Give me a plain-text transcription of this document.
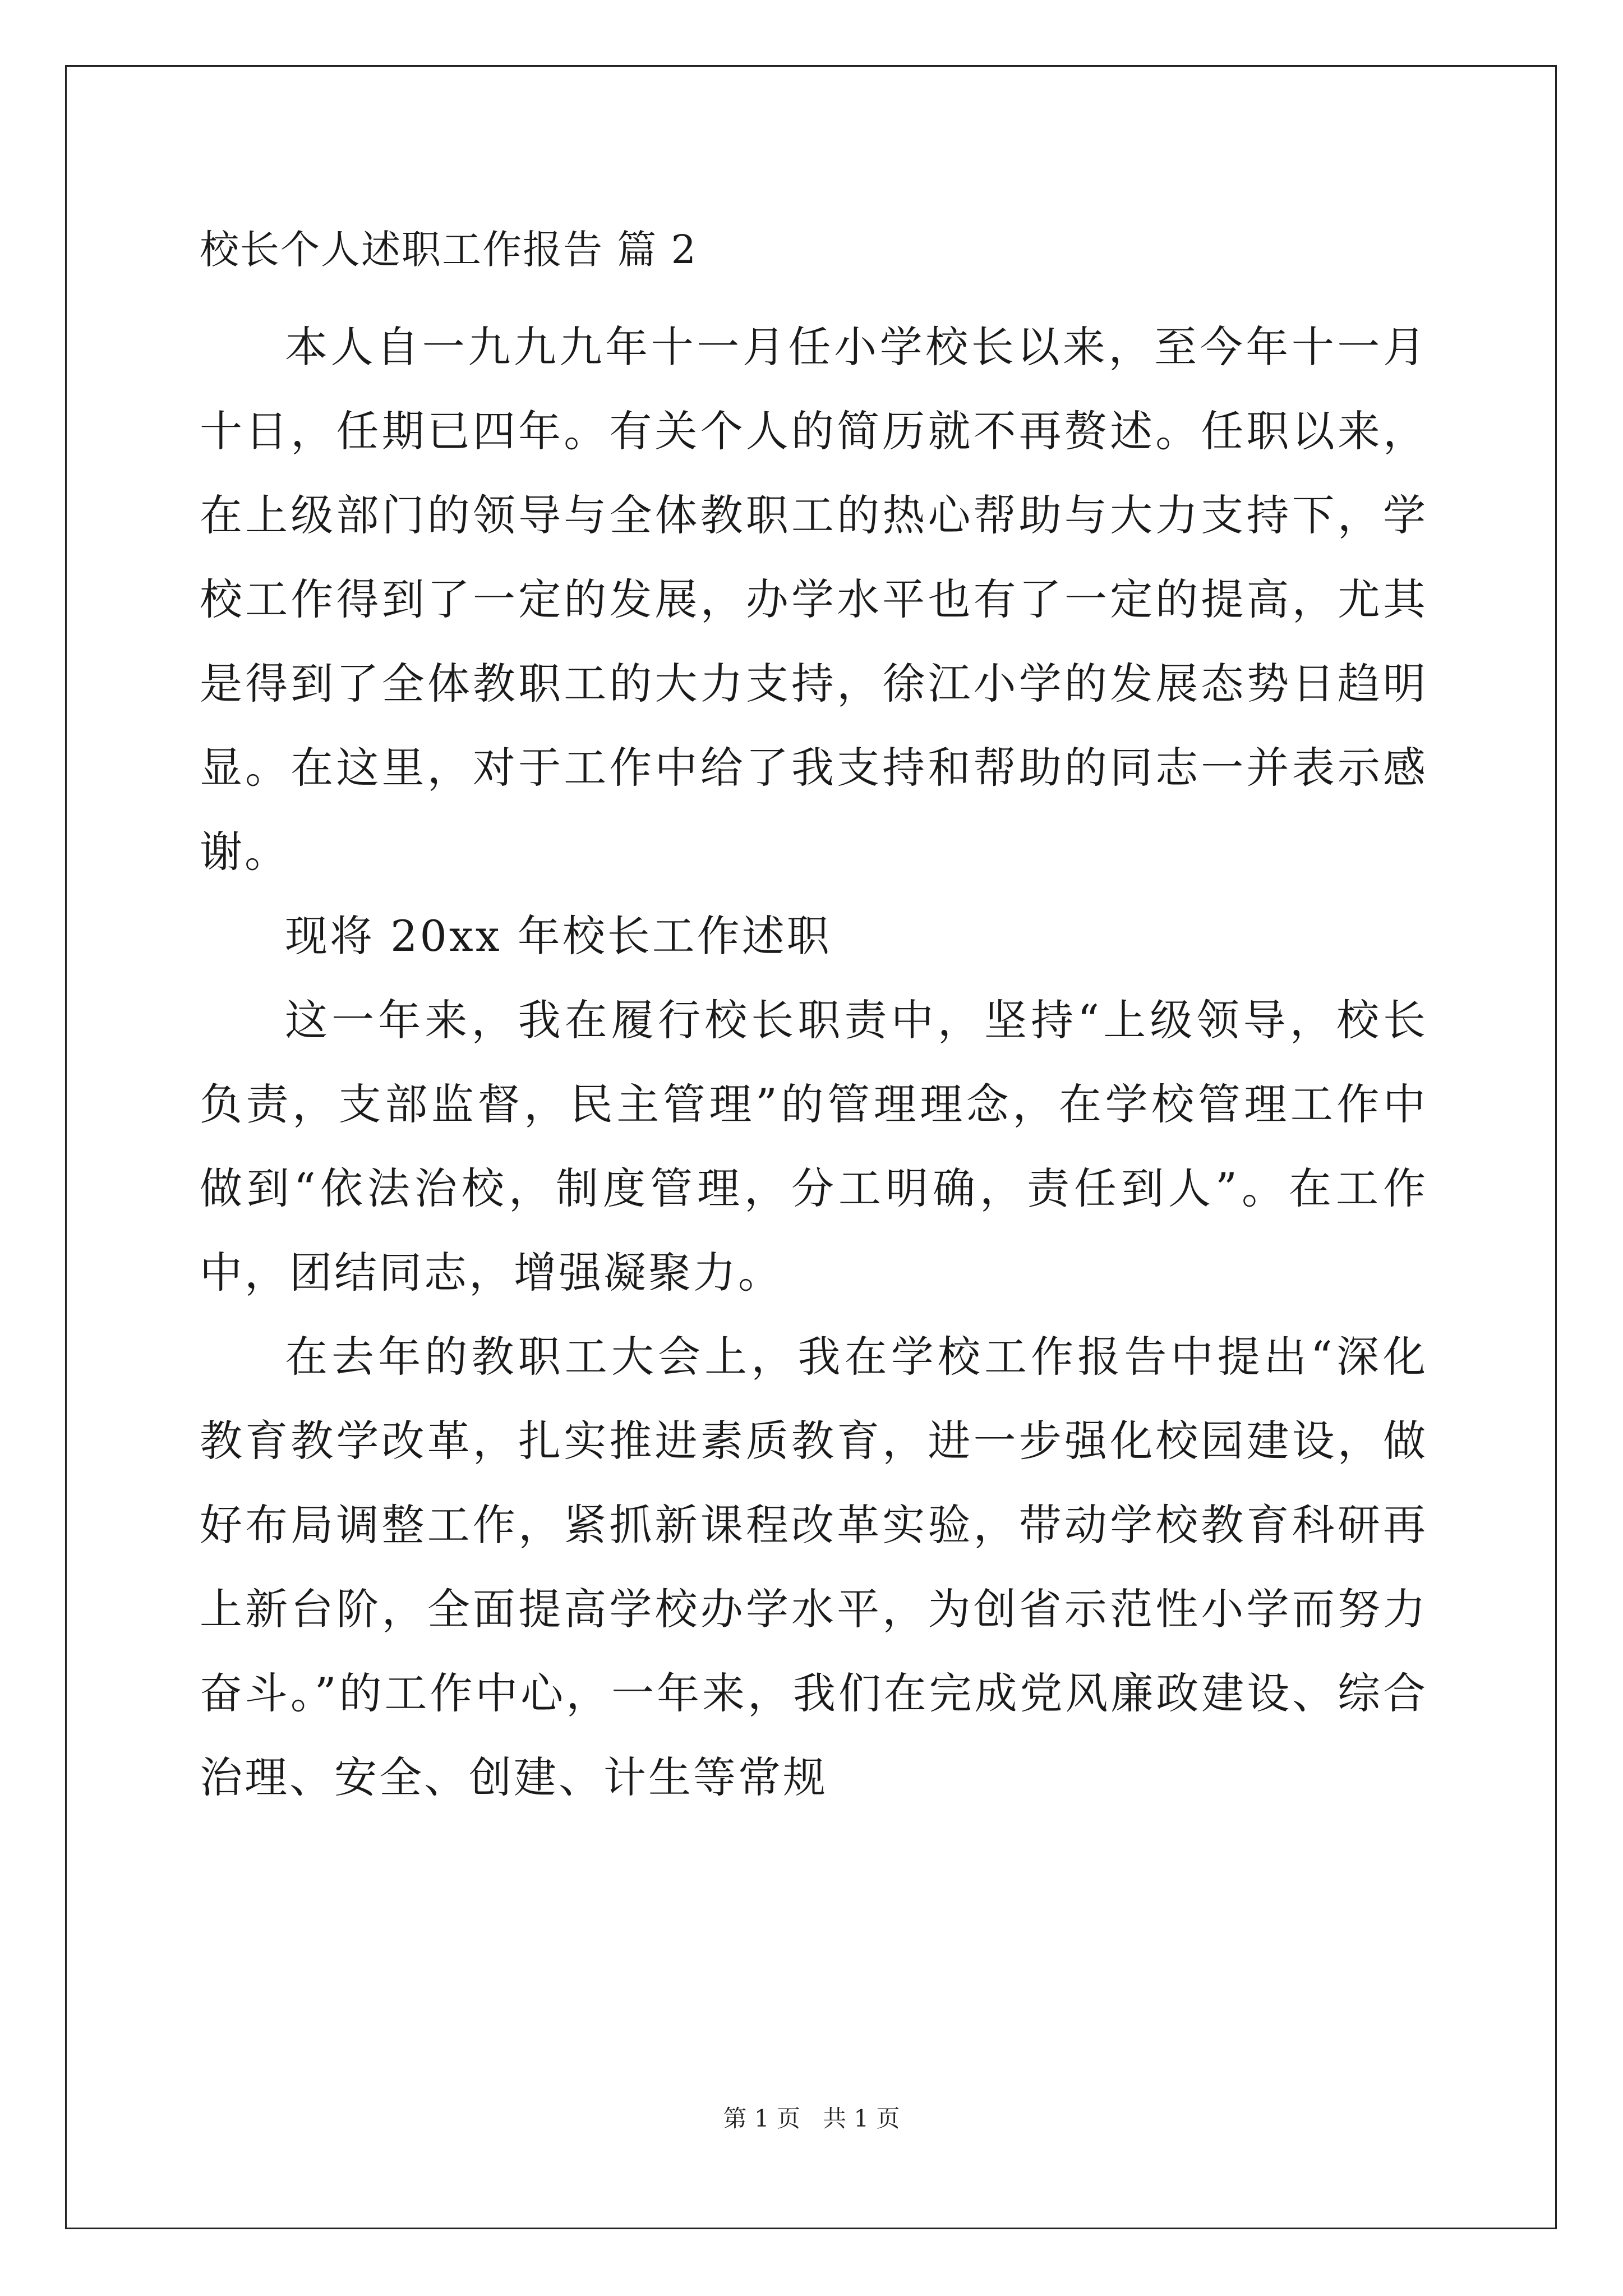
校长个人述职工作报告 篇 2

本人自一九九九年十一月任小学校长以来，至今年十一月十日，任期已四年。有关个人的简历就不再赘述。任职以来，在上级部门的领导与全体教职工的热心帮助与大力支持下，学校工作得到了一定的发展，办学水平也有了一定的提高，尤其是得到了全体教职工的大力支持，徐江小学的发展态势日趋明显。在这里，对于工作中给了我支持和帮助的同志一并表示感谢。

现将 20xx 年校长工作述职

这一年来，我在履行校长职责中，坚持“上级领导，校长负责，支部监督，民主管理”的管理理念，在学校管理工作中做到“依法治校，制度管理，分工明确，责任到人”。在工作中，团结同志，增强凝聚力。

在去年的教职工大会上，我在学校工作报告中提出“深化教育教学改革，扎实推进素质教育，进一步强化校园建设，做好布局调整工作，紧抓新课程改革实验，带动学校教育科研再上新台阶，全面提高学校办学水平，为创省示范性小学而努力奋斗。”的工作中心，一年来，我们在完成党风廉政建设、综合治理、安全、创建、计生等常规

第 1 页   共 1 页
